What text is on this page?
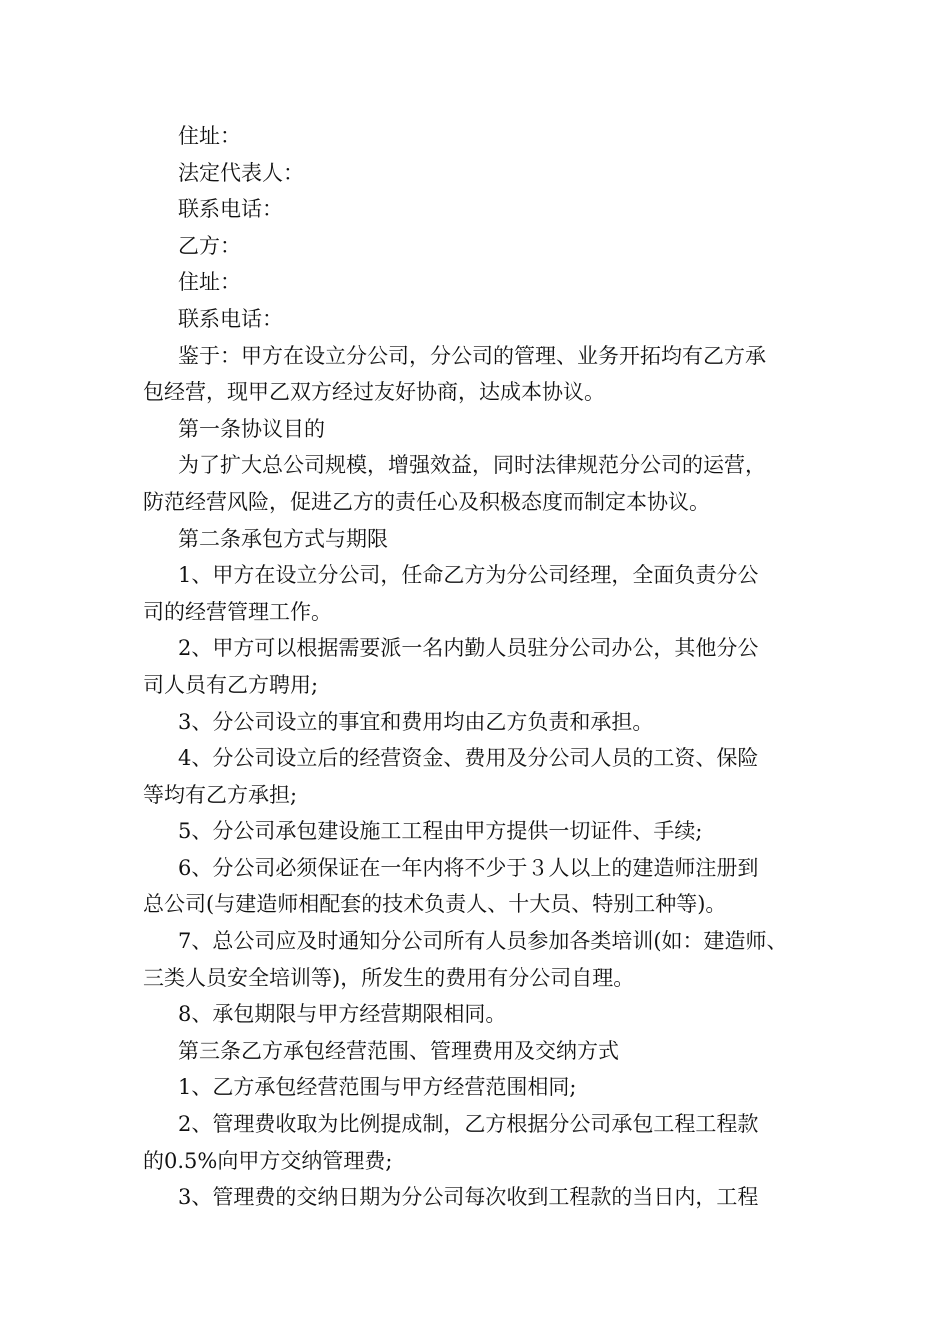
住址：

法定代表人：

联系电话：

乙方：

住址：

联系电话：

鉴于：甲方在设立分公司，分公司的管理、业务开拓均有乙方承
包经营，现甲乙双方经过友好协商，达成本协议。

第一条协议目的

为了扩大总公司规模，增强效益，同时法律规范分公司的运营，
防范经营风险，促进乙方的责任心及积极态度而制定本协议。

第二条承包方式与期限

1、甲方在设立分公司，任命乙方为分公司经理，全面负责分公
司的经营管理工作。

2、甲方可以根据需要派一名内勤人员驻分公司办公，其他分公
司人员有乙方聘用;

3、分公司设立的事宜和费用均由乙方负责和承担。

4、分公司设立后的经营资金、费用及分公司人员的工资、保险
等均有乙方承担;

5、分公司承包建设施工工程由甲方提供一切证件、手续;

6、分公司必须保证在一年内将不少于３人以上的建造师注册到
总公司(与建造师相配套的技术负责人、十大员、特别工种等)。

7、总公司应及时通知分公司所有人员参加各类培训(如：建造师、
三类人员安全培训等)，所发生的费用有分公司自理。

8、承包期限与甲方经营期限相同。

第三条乙方承包经营范围、管理费用及交纳方式

1、乙方承包经营范围与甲方经营范围相同;

2、管理费收取为比例提成制，乙方根据分公司承包工程工程款
的0.5%向甲方交纳管理费;

3、管理费的交纳日期为分公司每次收到工程款的当日内，工程
